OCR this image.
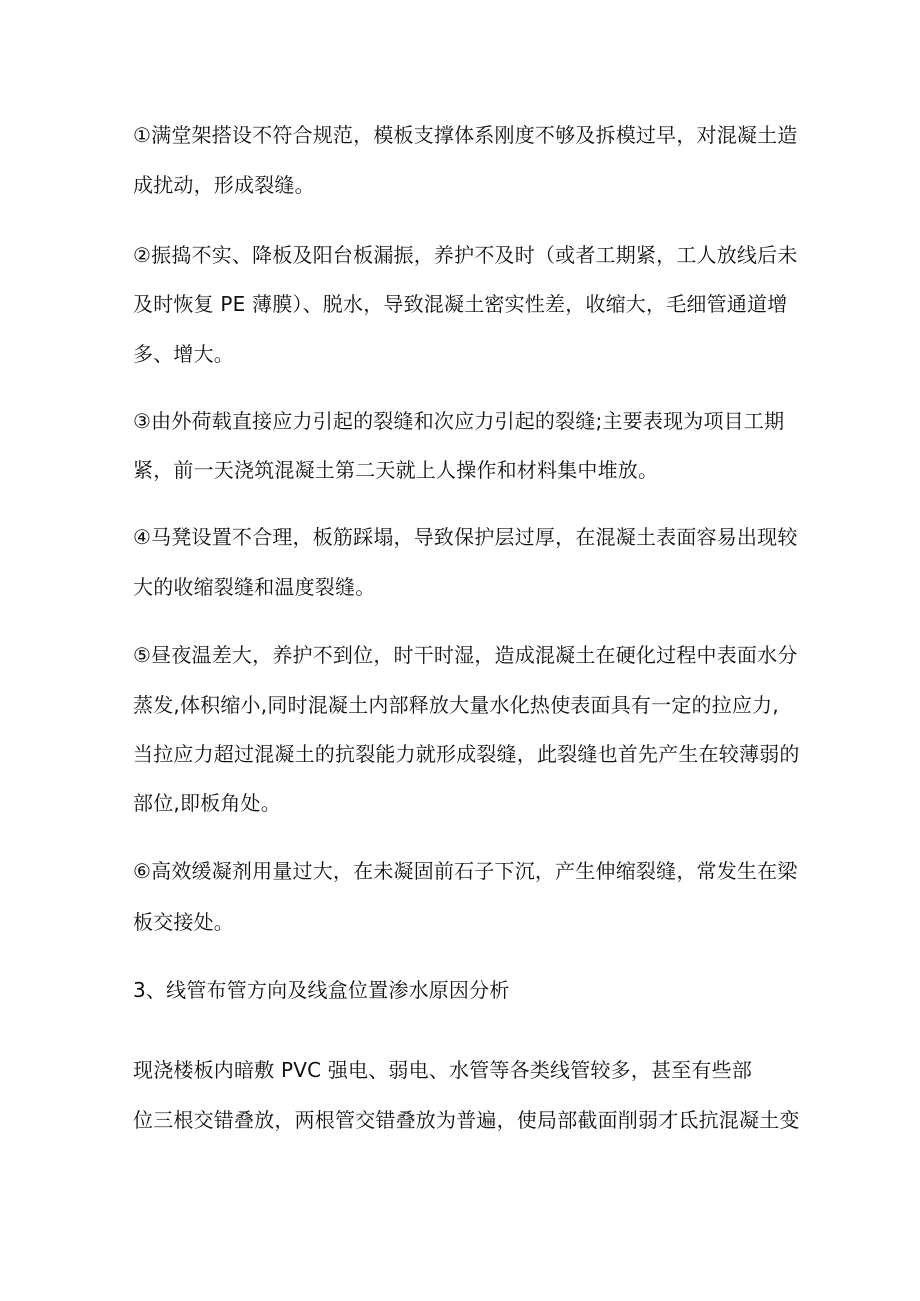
①满堂架搭设不符合规范，模板支撑体系刚度不够及拆模过早，对混凝土造
成扰动，形成裂缝。
②振捣不实、降板及阳台板漏振，养护不及时（或者工期紧，工人放线后未
及时恢复 PE 薄膜）、脱水，导致混凝土密实性差，收缩大，毛细管通道增
多、增大。
③由外荷载直接应力引起的裂缝和次应力引起的裂缝;主要表现为项目工期
紧，前一天浇筑混凝土第二天就上人操作和材料集中堆放。
④马凳设置不合理，板筋踩塌，导致保护层过厚，在混凝土表面容易出现较
大的收缩裂缝和温度裂缝。
⑤昼夜温差大，养护不到位，时干时湿，造成混凝土在硬化过程中表面水分
蒸发,体积缩小,同时混凝土内部释放大量水化热使表面具有一定的拉应力,
当拉应力超过混凝土的抗裂能力就形成裂缝，此裂缝也首先产生在较薄弱的
部位,即板角处。
⑥高效缓凝剂用量过大，在未凝固前石子下沉，产生伸缩裂缝，常发生在梁
板交接处。
3、线管布管方向及线盒位置渗水原因分析
现浇楼板内暗敷 PVC 强电、弱电、水管等各类线管较多，甚至有些部
位三根交错叠放，两根管交错叠放为普遍，使局部截面削弱才氐抗混凝土变
